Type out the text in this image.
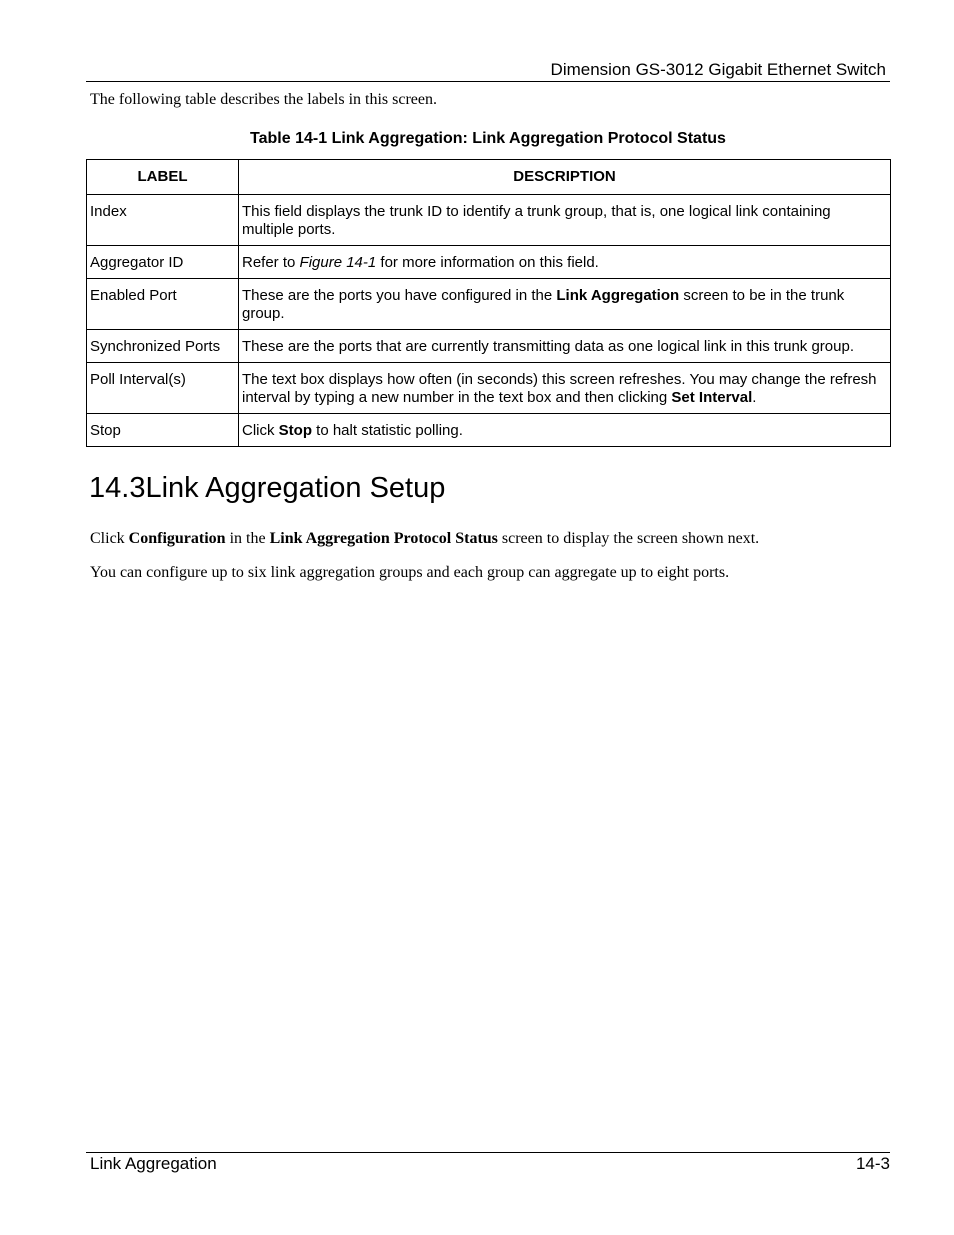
Dimension GS-3012 Gigabit Ethernet Switch
The following table describes the labels in this screen.
Table 14-1 Link Aggregation: Link Aggregation Protocol Status
LABEL	DESCRIPTION
Index	This field displays the trunk ID to identify a trunk group, that is, one logical link containing multiple ports.
Aggregator ID	Refer to Figure 14-1 for more information on this field.
Enabled Port	These are the ports you have configured in the Link Aggregation screen to be in the trunk group.
Synchronized Ports	These are the ports that are currently transmitting data as one logical link in this trunk group.
Poll Interval(s)	The text box displays how often (in seconds) this screen refreshes. You may change the refresh interval by typing a new number in the text box and then clicking Set Interval.
Stop	Click Stop to halt statistic polling.
14.3Link Aggregation Setup
Click Configuration in the Link Aggregation Protocol Status screen to display the screen shown next.
You can configure up to six link aggregation groups and each group can aggregate up to eight ports.
Link Aggregation	14-3
